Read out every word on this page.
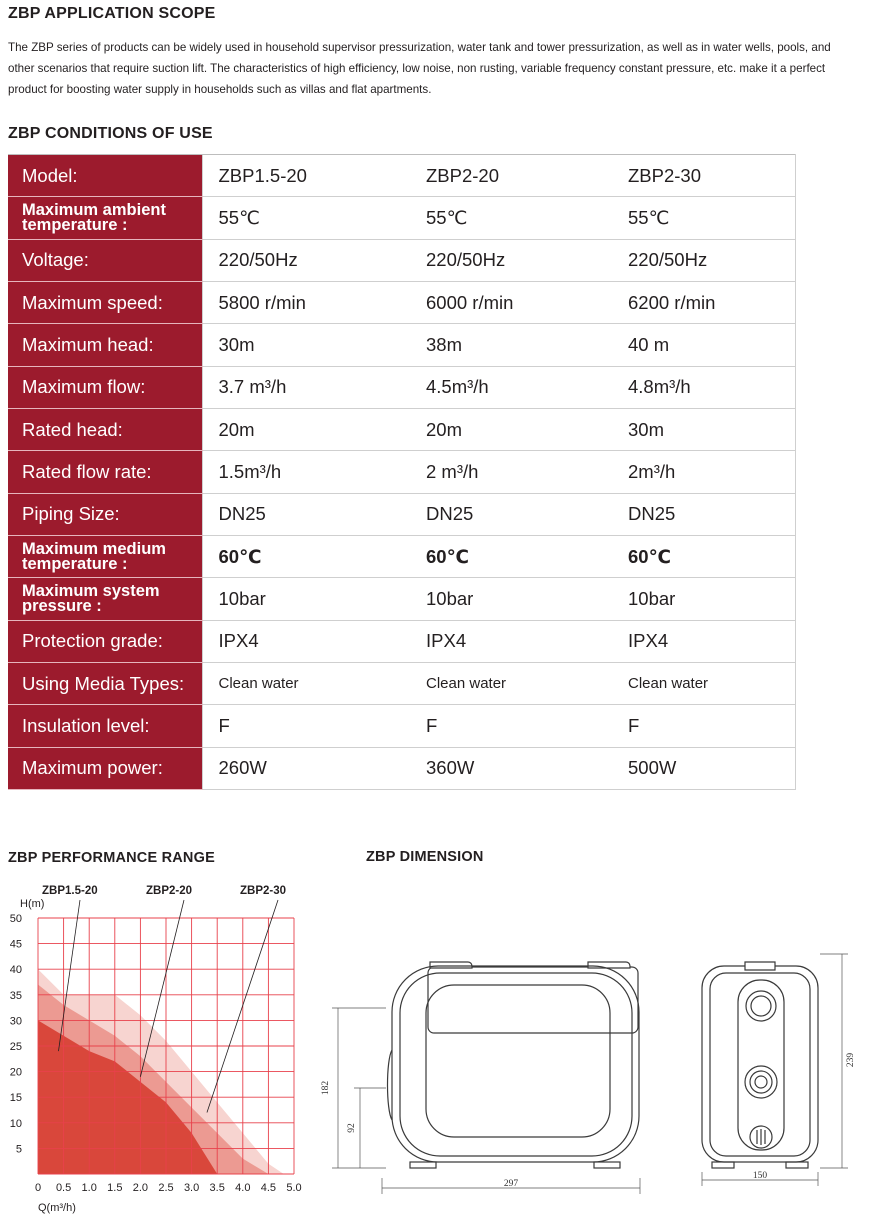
ZBP APPLICATION SCOPE

The ZBP series of products can be widely used in household supervisor pressurization, water tank and tower pressurization, as well as in water wells, pools, and other scenarios that require suction lift. The characteristics of high efficiency, low noise, non rusting, variable frequency constant pressure, etc. make it a perfect product for boosting water supply in households such as villas and flat apartments.

ZBP CONDITIONS OF USE
Model:	ZBP1.5-20	ZBP2-20	ZBP2-30
Maximum ambient temperature :	55℃	55℃	55℃
Voltage:	220/50Hz	220/50Hz	220/50Hz
Maximum speed:	5800 r/min	6000 r/min	6200 r/min
Maximum head:	30m	38m	40 m
Maximum flow:	3.7 m³/h	4.5m³/h	4.8m³/h
Rated head:	20m	20m	30m
Rated flow rate:	1.5m³/h	2 m³/h	2m³/h
Piping Size:	DN25	DN25	DN25
Maximum medium temperature :	60℃	60℃	60℃
Maximum system pressure :	10bar	10bar	10bar
Protection grade:	IPX4	IPX4	IPX4
Using Media Types:	Clean water	Clean water	Clean water
Insulation level:	F	F	F
Maximum power:	260W	360W	500W
ZBP PERFORMANCE RANGE	ZBP DIMENSION
0 0.5 1.0 1.5 2.0 2.5 3.0 3.5 4.0 4.5 5.0
5
10
15
20
25
30
35
40
45
50
H(m)
Q(m³/h)
ZBP1.5-20	ZBP2-20	ZBP2-30
182
92
297
239
150
